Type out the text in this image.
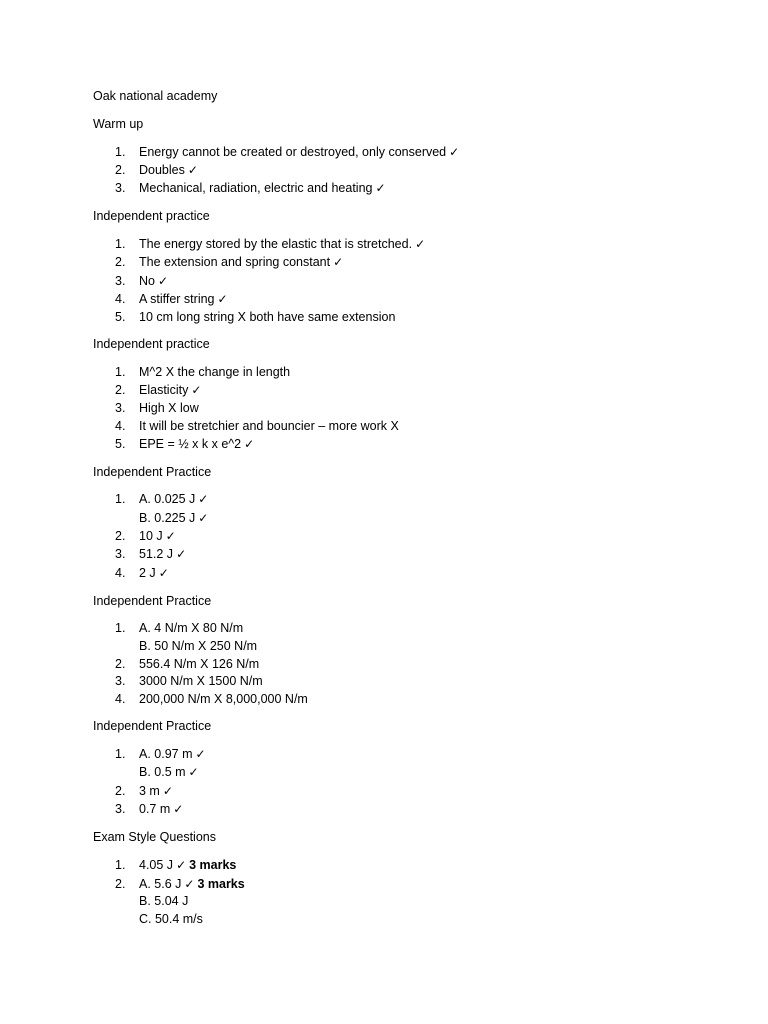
Oak national academy

Warm up

1.	Energy cannot be created or destroyed, only conserved ✓
2.	Doubles ✓
3.	Mechanical, radiation, electric and heating ✓

Independent practice

1.	The energy stored by the elastic that is stretched. ✓
2.	The extension and spring constant ✓
3.	No ✓
4.	A stiffer string ✓
5.	10 cm long string X both have same extension

Independent practice

1.	M^2 X the change in length
2.	Elasticity ✓
3.	High X low
4.	It will be stretchier and bouncier – more work X
5.	EPE = ½ x k x e^2 ✓

Independent Practice

1.	A. 0.025 J ✓
B. 0.225 J ✓
2.	10 J ✓
3.	51.2 J ✓
4.	2 J ✓

Independent Practice

1.	A. 4 N/m X 80 N/m
B. 50 N/m X 250 N/m
2.	556.4 N/m X 126 N/m
3.	3000 N/m X 1500 N/m
4.	200,000 N/m X 8,000,000 N/m

Independent Practice

1.	A. 0.97 m ✓
B. 0.5 m ✓
2.	3 m ✓
3.	0.7 m ✓

Exam Style Questions

1.	4.05 J ✓ 3 marks
2.	A. 5.6 J ✓ 3 marks
B. 5.04 J
C. 50.4 m/s
